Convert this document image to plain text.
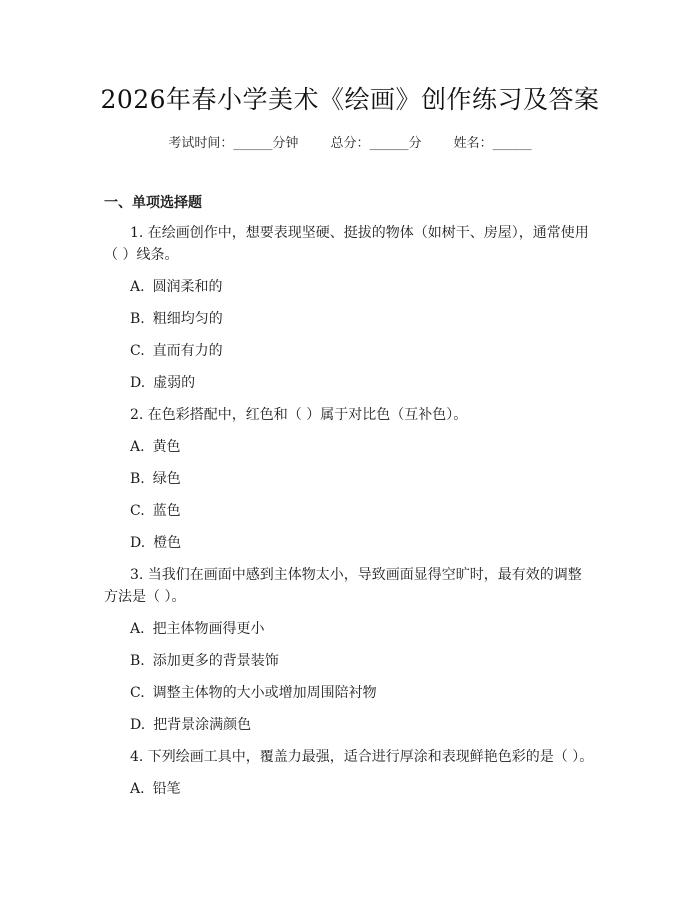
2026年春小学美术《绘画》创作练习及答案
考试时间：______分钟 总分：______分 姓名：______
一、单项选择题
1. 在绘画创作中，想要表现坚硬、挺拔的物体（如树干、房屋），通常使用（ ）线条。
A. 圆润柔和的
B. 粗细均匀的
C. 直而有力的
D. 虚弱的
2. 在色彩搭配中，红色和（ ）属于对比色（互补色）。
A. 黄色
B. 绿色
C. 蓝色
D. 橙色
3. 当我们在画面中感到主体物太小，导致画面显得空旷时，最有效的调整方法是（ ）。
A. 把主体物画得更小
B. 添加更多的背景装饰
C. 调整主体物的大小或增加周围陪衬物
D. 把背景涂满颜色
4. 下列绘画工具中，覆盖力最强，适合进行厚涂和表现鲜艳色彩的是（ ）。
A. 铅笔
